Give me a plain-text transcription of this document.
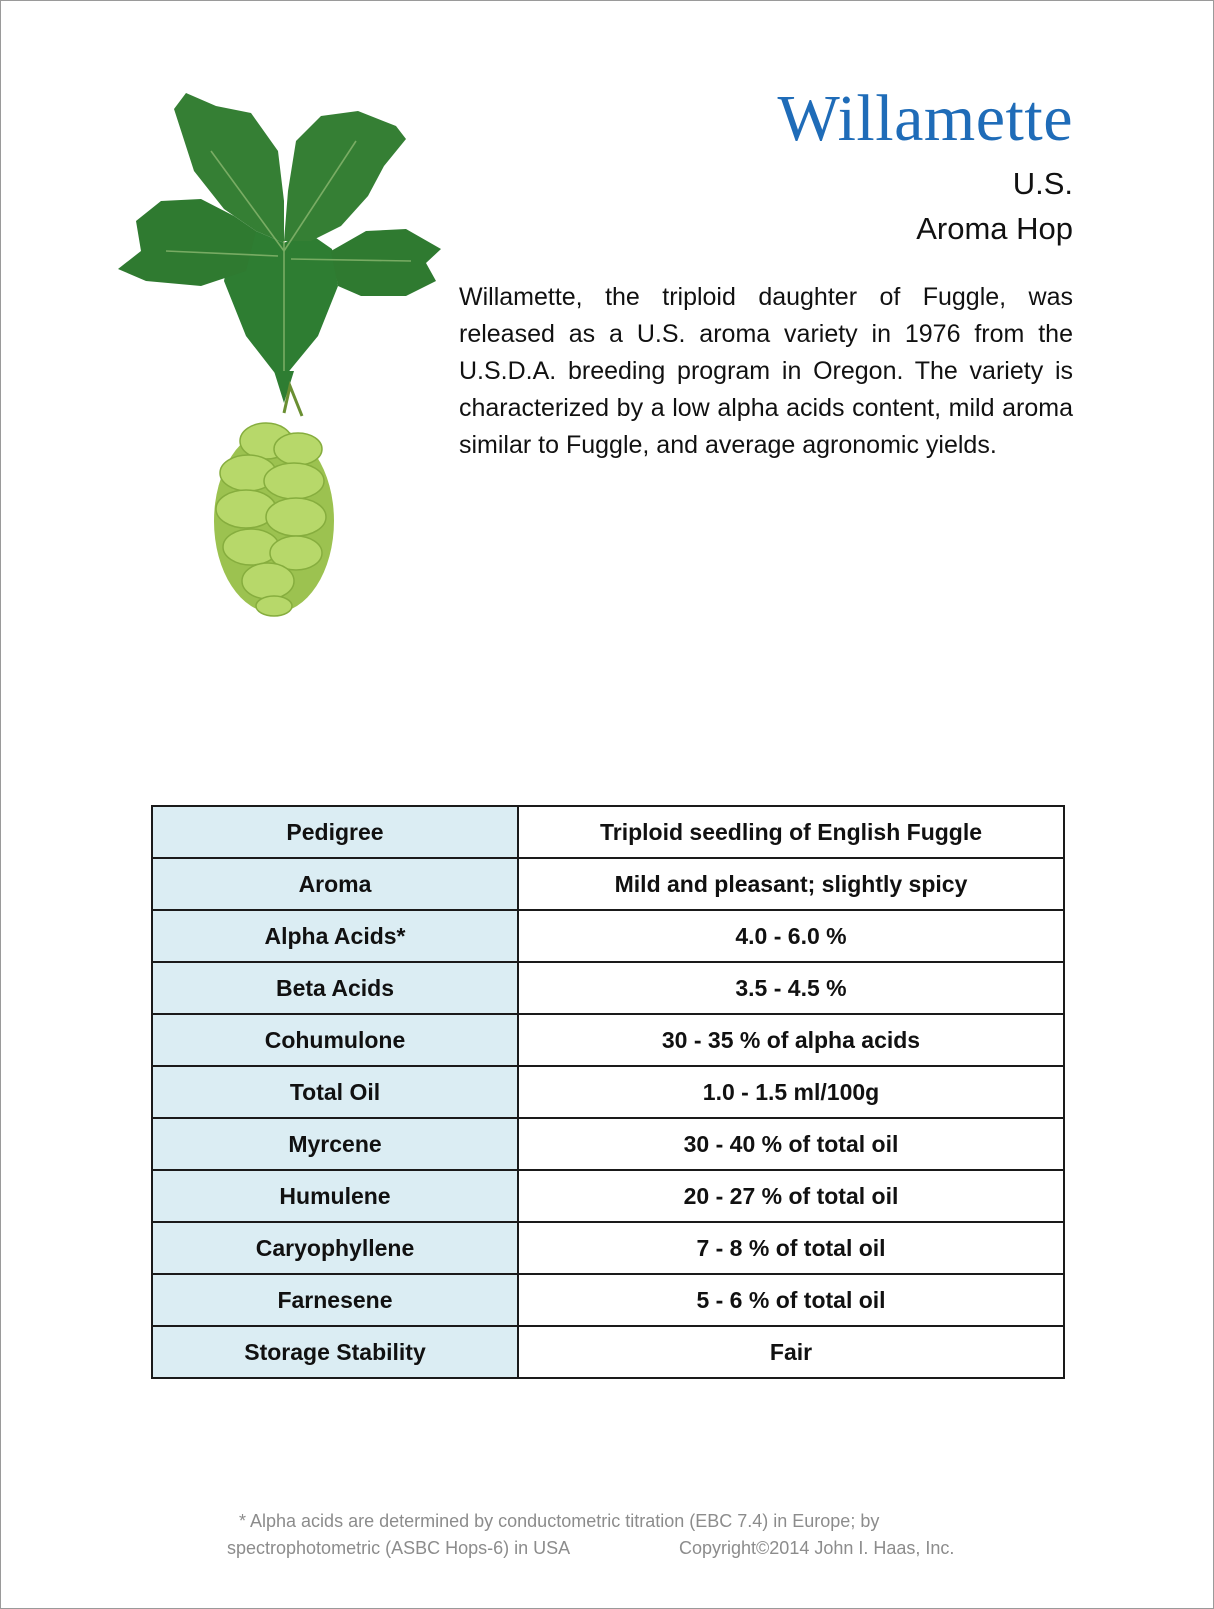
Willamette
U.S.
Aroma Hop

Willamette, the triploid daughter of Fuggle, was released as a U.S. aroma variety in 1976 from the U.S.D.A. breeding program in Oregon. The variety is characterized by a low alpha acids content, mild aroma similar to Fuggle, and average agronomic yields.

Pedigree	Triploid seedling of English Fuggle
Aroma	Mild and pleasant; slightly spicy
Alpha Acids*	4.0 - 6.0 %
Beta Acids	3.5 - 4.5 %
Cohumulone	30 - 35 % of alpha acids
Total Oil	1.0 - 1.5 ml/100g
Myrcene	30 - 40 % of total oil
Humulene	20 - 27 % of total oil
Caryophyllene	7 - 8 % of total oil
Farnesene	5 - 6 % of total oil
Storage Stability	Fair
* Alpha acids are determined by conductometric titration (EBC 7.4) in Europe; by
spectrophotometric (ASBC Hops-6) in USA	Copyright©2014 John I. Haas, Inc.
